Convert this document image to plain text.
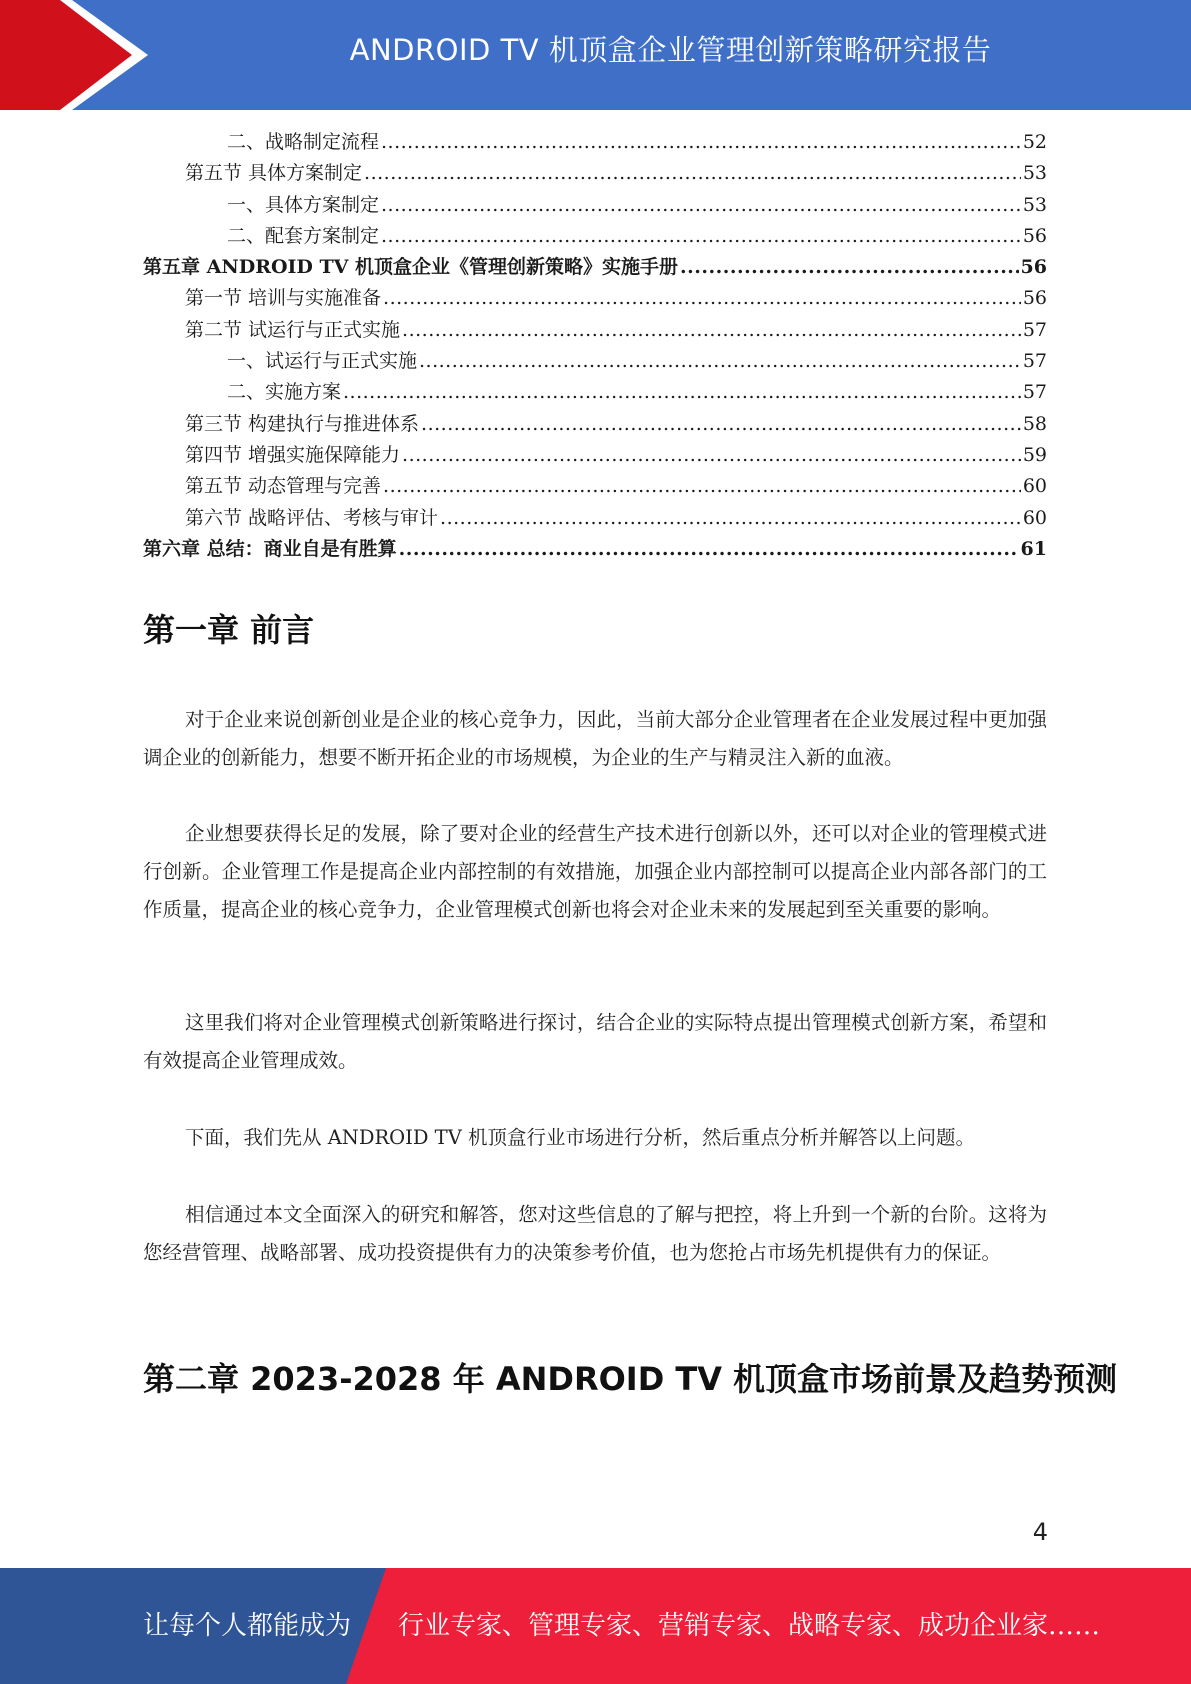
ANDROID TV 机顶盒企业管理创新策略研究报告
二、战略制定流程 .....	52
第五节 具体方案制定 .....	53
一、具体方案制定 .....	53
二、配套方案制定 .....	56
第五章 ANDROID TV 机顶盒企业《管理创新策略》实施手册 .....	56
第一节 培训与实施准备 .....	56
第二节 试运行与正式实施 .....	57
一、试运行与正式实施 .....	57
二、实施方案 .....	57
第三节 构建执行与推进体系 .....	58
第四节 增强实施保障能力 .....	59
第五节 动态管理与完善 .....	60
第六节 战略评估、考核与审计 .....	60
第六章 总结：商业自是有胜算 .....	61
第一章 前言

对于企业来说创新创业是企业的核心竞争力，因此，当前大部分企业管理者在企业发展过程中更加强调企业的创新能力，想要不断开拓企业的市场规模，为企业的生产与精灵注入新的血液。

企业想要获得长足的发展，除了要对企业的经营生产技术进行创新以外，还可以对企业的管理模式进行创新。企业管理工作是提高企业内部控制的有效措施，加强企业内部控制可以提高企业内部各部门的工作质量，提高企业的核心竞争力，企业管理模式创新也将会对企业未来的发展起到至关重要的影响。

这里我们将对企业管理模式创新策略进行探讨，结合企业的实际特点提出管理模式创新方案，希望和有效提高企业管理成效。

下面，我们先从 ANDROID TV 机顶盒行业市场进行分析，然后重点分析并解答以上问题。

相信通过本文全面深入的研究和解答，您对这些信息的了解与把控，将上升到一个新的台阶。这将为您经营管理、战略部署、成功投资提供有力的决策参考价值，也为您抢占市场先机提供有力的保证。

第二章 2023-2028 年 ANDROID TV 机顶盒市场前景及趋势预测
4
让每个人都能成为 行业专家、管理专家、营销专家、战略专家、成功企业家……
